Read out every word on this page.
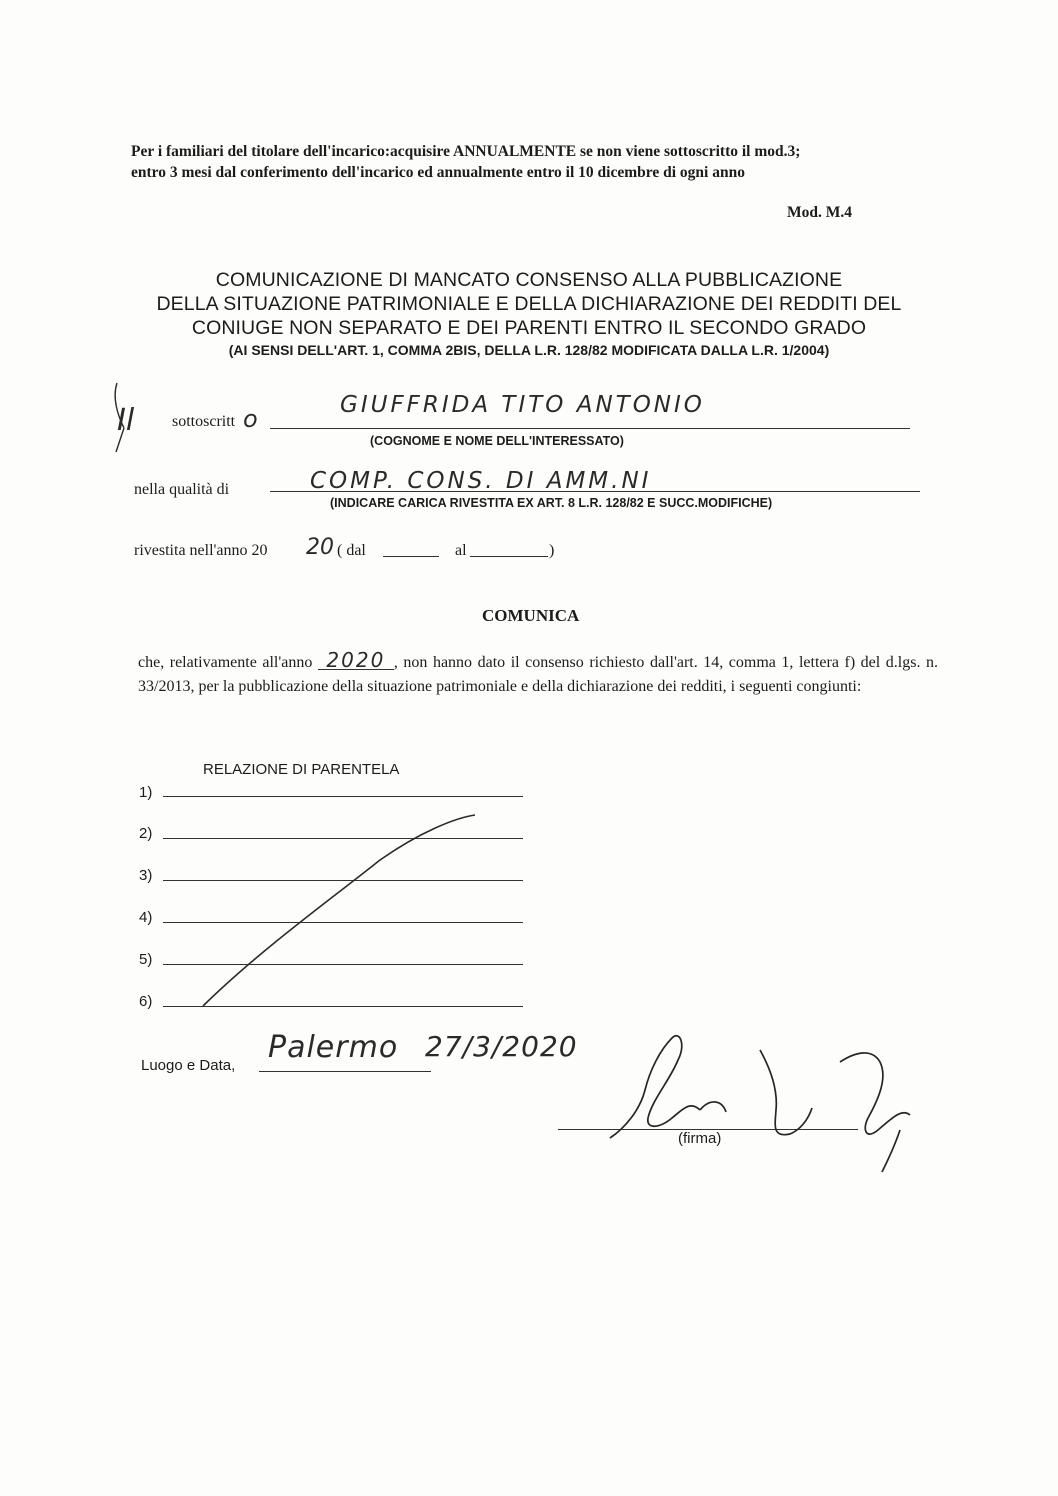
Per i familiari del titolare dell'incarico:acquisire ANNUALMENTE se non viene sottoscritto il mod.3;
entro 3 mesi dal conferimento dell'incarico ed annualmente entro il 10 dicembre di ogni anno
Mod. M.4
COMUNICAZIONE DI MANCATO CONSENSO ALLA PUBBLICAZIONE
DELLA SITUAZIONE PATRIMONIALE E DELLA DICHIARAZIONE DEI REDDITI DEL
CONIUGE NON SEPARATO E DEI PARENTI ENTRO IL SECONDO GRADO
(AI SENSI DELL'ART. 1, COMMA 2BIS, DELLA L.R. 128/82 MODIFICATA DALLA L.R. 1/2004)
Il sottoscritt o	GIUFFRIDA TITO ANTONIO
(COGNOME E NOME DELL'INTERESSATO)
nella qualità di	COMP. CONS. DI AMM.NI
(INDICARE CARICA RIVESTITA EX ART. 8 L.R. 128/82 E SUCC.MODIFICHE)
rivestita nell'anno 20 20 ( dal	al	)
COMUNICA
che, relativamente all'anno 2020 , non hanno dato il consenso richiesto dall'art. 14, comma 1, lettera f) del d.lgs. n. 33/2013, per la pubblicazione della situazione patrimoniale e della dichiarazione dei redditi, i seguenti congiunti:
RELAZIONE DI PARENTELA
1)
2)
3)
4)
5)
6)
Luogo e Data,
Palermo 27/3/2020
(firma)
